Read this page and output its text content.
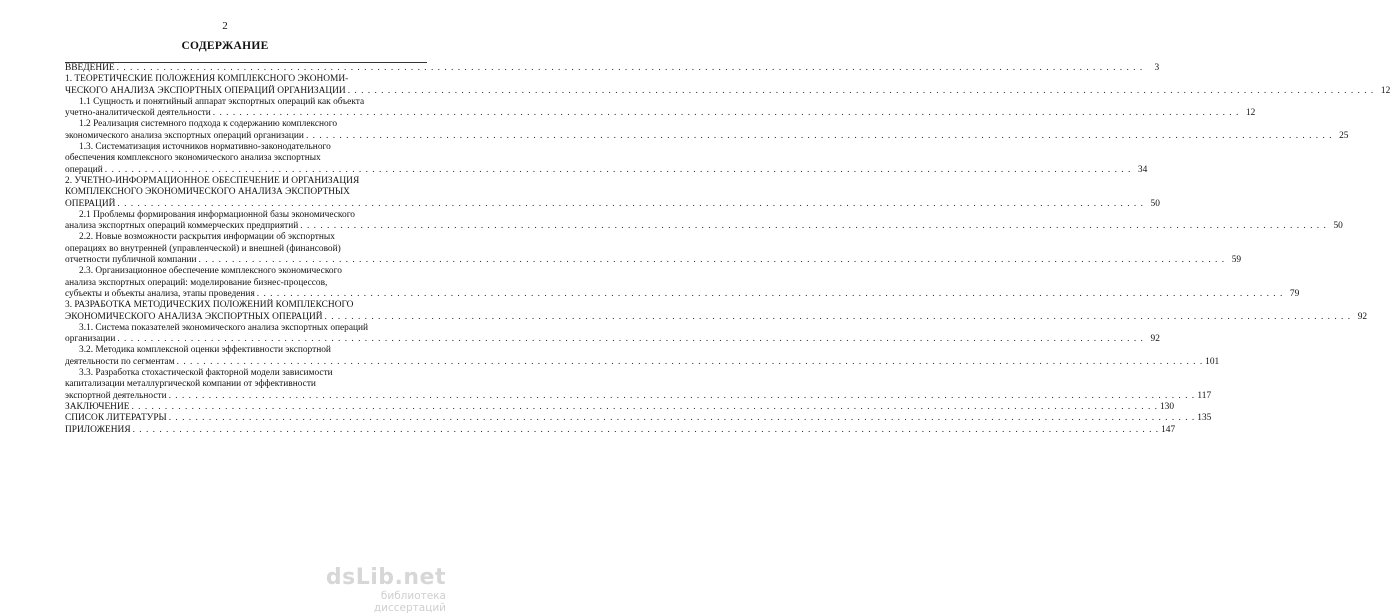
2
СОДЕРЖАНИЕ
ВВЕДЕНИЕ . . .	3
1. ТЕОРЕТИЧЕСКИЕ ПОЛОЖЕНИЯ КОМПЛЕКСНОГО ЭКОНОМИ-
ЧЕСКОГО АНАЛИЗА ЭКСПОРТНЫХ ОПЕРАЦИЙ ОРГАНИЗАЦИИ . . .	12
1.1 Сущность и понятийный аппарат экспортных операций как объекта
учетно-аналитической деятельности . . .	12
1.2 Реализация системного подхода к содержанию комплексного
экономического анализа экспортных операций организации . . .	25
1.3. Систематизация источников нормативно-законодательного
обеспечения комплексного экономического анализа экспортных
операций . . .	34
2. УЧЕТНО-ИНФОРМАЦИОННОЕ ОБЕСПЕЧЕНИЕ И ОРГАНИЗАЦИЯ
КОМПЛЕКСНОГО ЭКОНОМИЧЕСКОГО АНАЛИЗА ЭКСПОРТНЫХ
ОПЕРАЦИЙ . . .	50
2.1 Проблемы формирования информационной базы экономического
анализа экспортных операций коммерческих предприятий . . .	50
2.2. Новые возможности раскрытия информации об экспортных
операциях во внутренней (управленческой) и внешней (финансовой)
отчетности публичной компании . . .	59
2.3. Организационное обеспечение комплексного экономического
анализа экспортных операций: моделирование бизнес-процессов,
субъекты и объекты анализа, этапы проведения . . .	79
3. РАЗРАБОТКА МЕТОДИЧЕСКИХ ПОЛОЖЕНИЙ КОМПЛЕКСНОГО
ЭКОНОМИЧЕСКОГО АНАЛИЗА ЭКСПОРТНЫХ ОПЕРАЦИЙ . . .	92
3.1. Система показателей экономического анализа экспортных операций
организации . . .	92
3.2. Методика комплексной оценки эффективности экспортной
деятельности по сегментам . . .	101
3.3. Разработка стохастической факторной модели зависимости
капитализации металлургической компании от эффективности
экспортной деятельности . . .	117
ЗАКЛЮЧЕНИЕ . . .	130
СПИСОК ЛИТЕРАТУРЫ . . .	135
ПРИЛОЖЕНИЯ . . .	147
dsLib.net
библиотека диссертаций
